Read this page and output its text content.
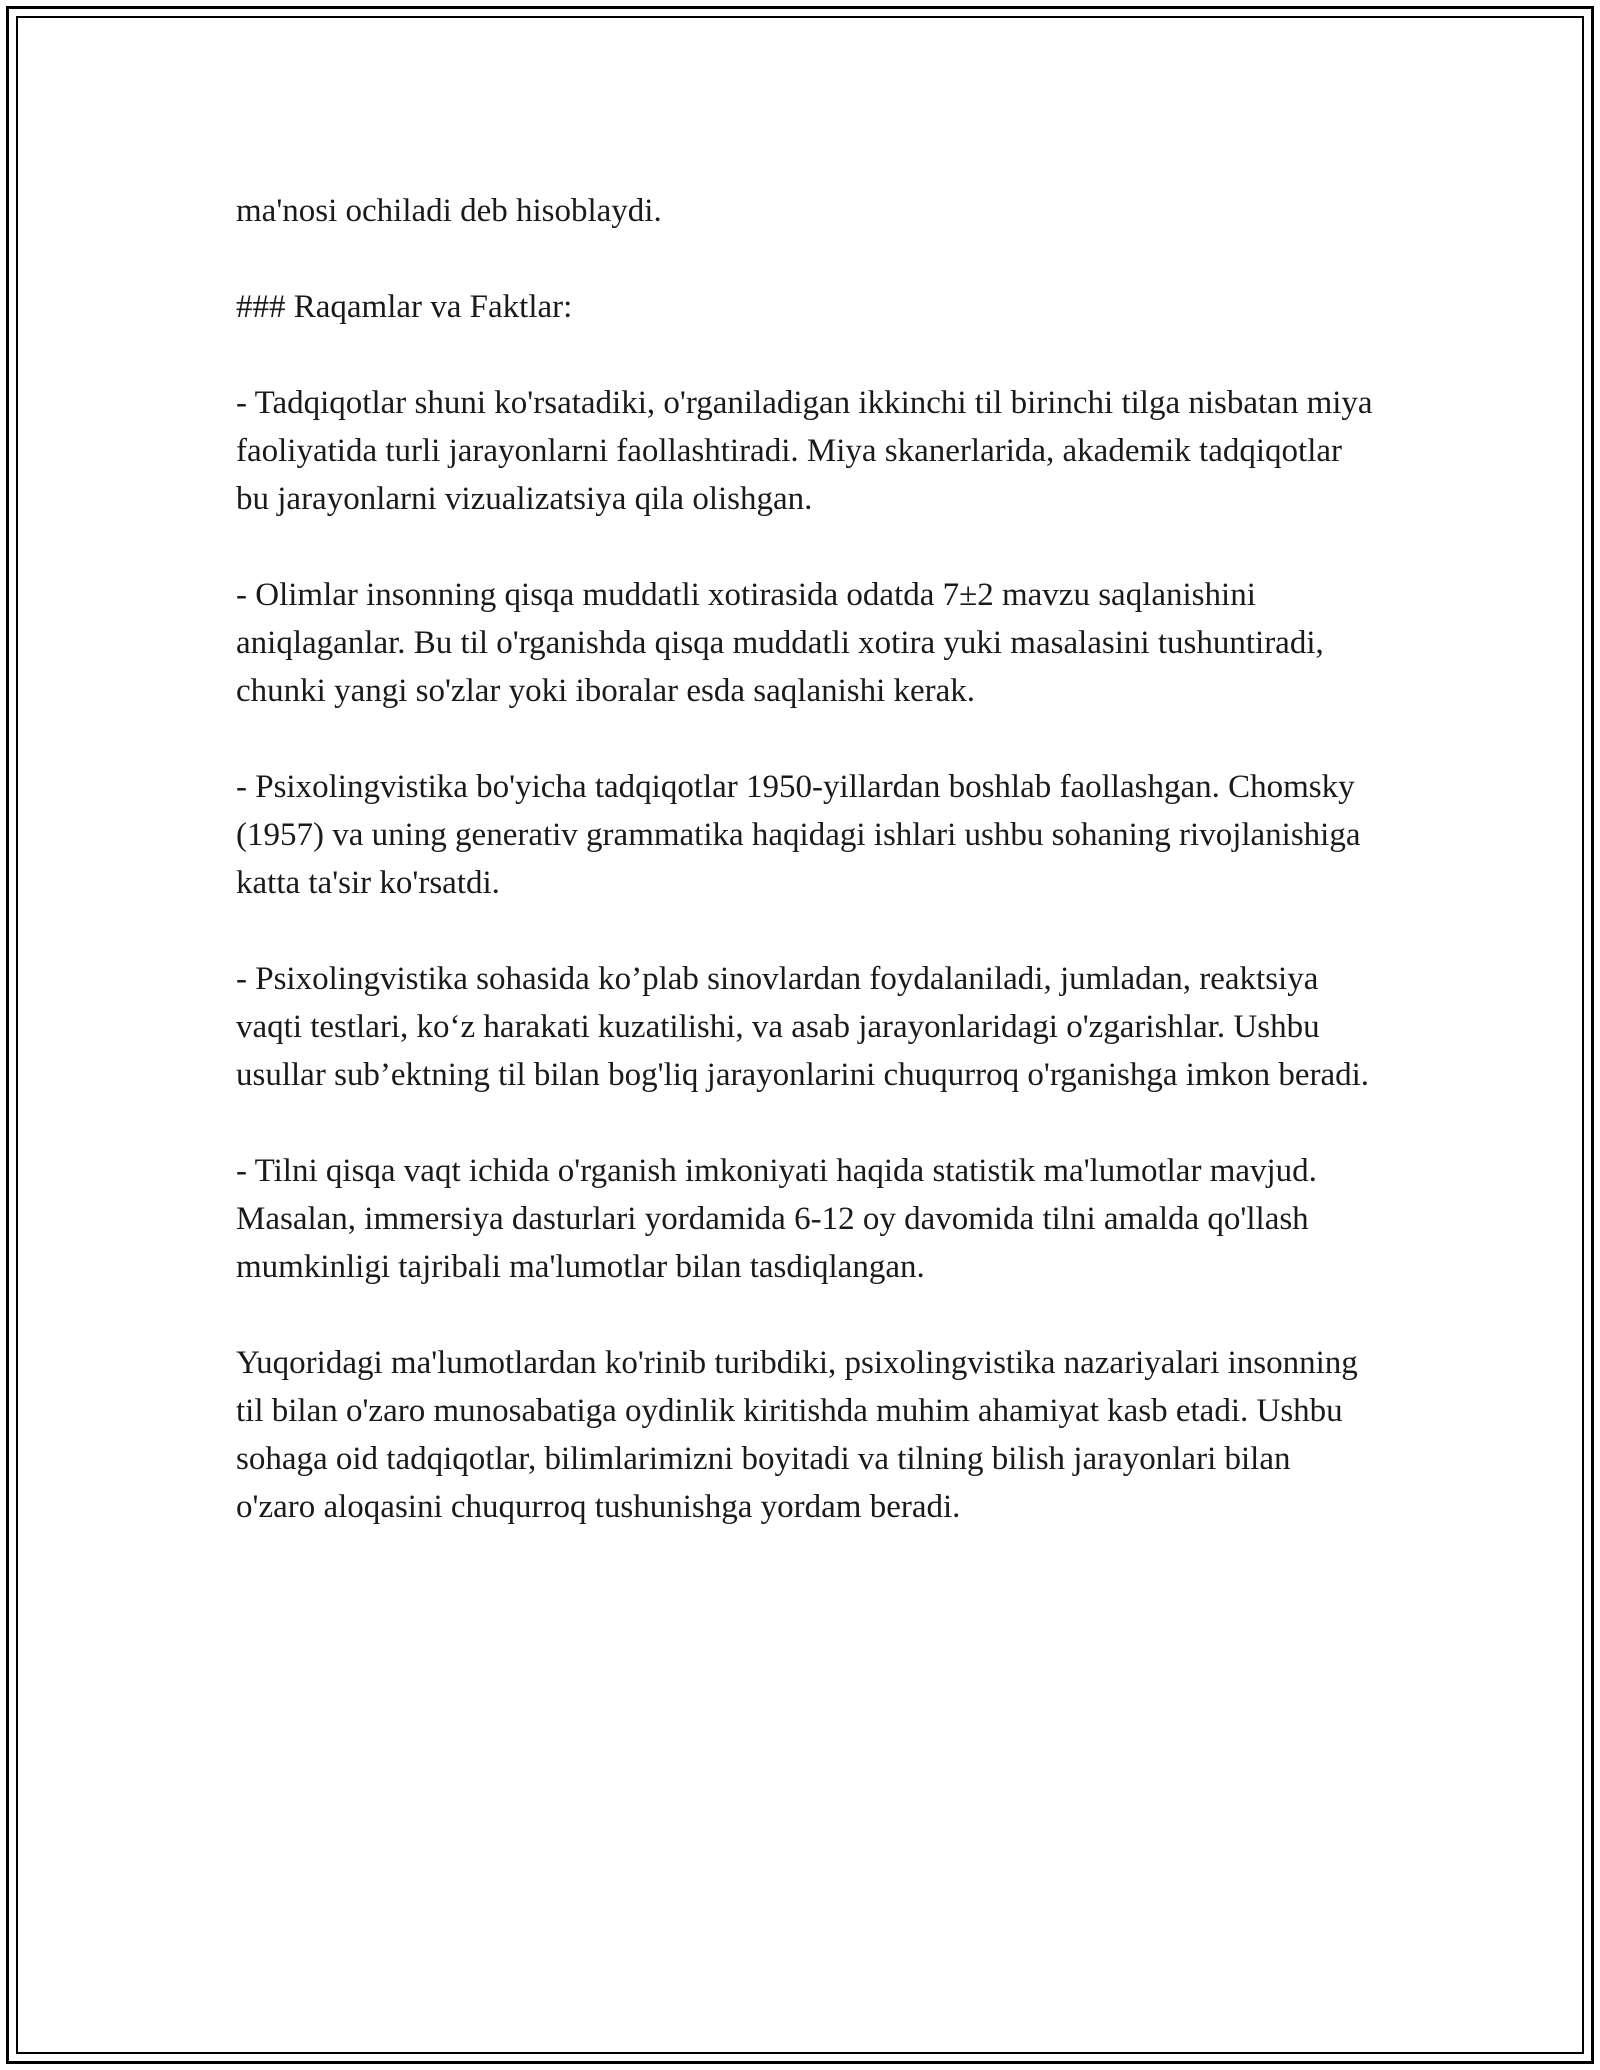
ma'nosi ochiladi deb hisoblaydi.

### Raqamlar va Faktlar:

- Tadqiqotlar shuni ko'rsatadiki, o'rganiladigan ikkinchi til birinchi tilga nisbatan miya faoliyatida turli jarayonlarni faollashtiradi. Miya skanerlarida, akademik tadqiqotlar bu jarayonlarni vizualizatsiya qila olishgan.

- Olimlar insonning qisqa muddatli xotirasida odatda 7±2 mavzu saqlanishini aniqlaganlar. Bu til o'rganishda qisqa muddatli xotira yuki masalasini tushuntiradi, chunki yangi so'zlar yoki iboralar esda saqlanishi kerak.

- Psixolingvistika bo'yicha tadqiqotlar 1950-yillardan boshlab faollashgan. Chomsky (1957) va uning generativ grammatika haqidagi ishlari ushbu sohaning rivojlanishiga katta ta'sir ko'rsatdi.

- Psixolingvistika sohasida ko’plab sinovlardan foydalaniladi, jumladan, reaktsiya vaqti testlari, ko‘z harakati kuzatilishi, va asab jarayonlaridagi o'zgarishlar. Ushbu usullar sub’ektning til bilan bog'liq jarayonlarini chuqurroq o'rganishga imkon beradi.

- Tilni qisqa vaqt ichida o'rganish imkoniyati haqida statistik ma'lumotlar mavjud. Masalan, immersiya dasturlari yordamida 6-12 oy davomida tilni amalda qo'llash mumkinligi tajribali ma'lumotlar bilan tasdiqlangan.

Yuqoridagi ma'lumotlardan ko'rinib turibdiki, psixolingvistika nazariyalari insonning til bilan o'zaro munosabatiga oydinlik kiritishda muhim ahamiyat kasb etadi. Ushbu sohaga oid tadqiqotlar, bilimlarimizni boyitadi va tilning bilish jarayonlari bilan o'zaro aloqasini chuqurroq tushunishga yordam beradi.
